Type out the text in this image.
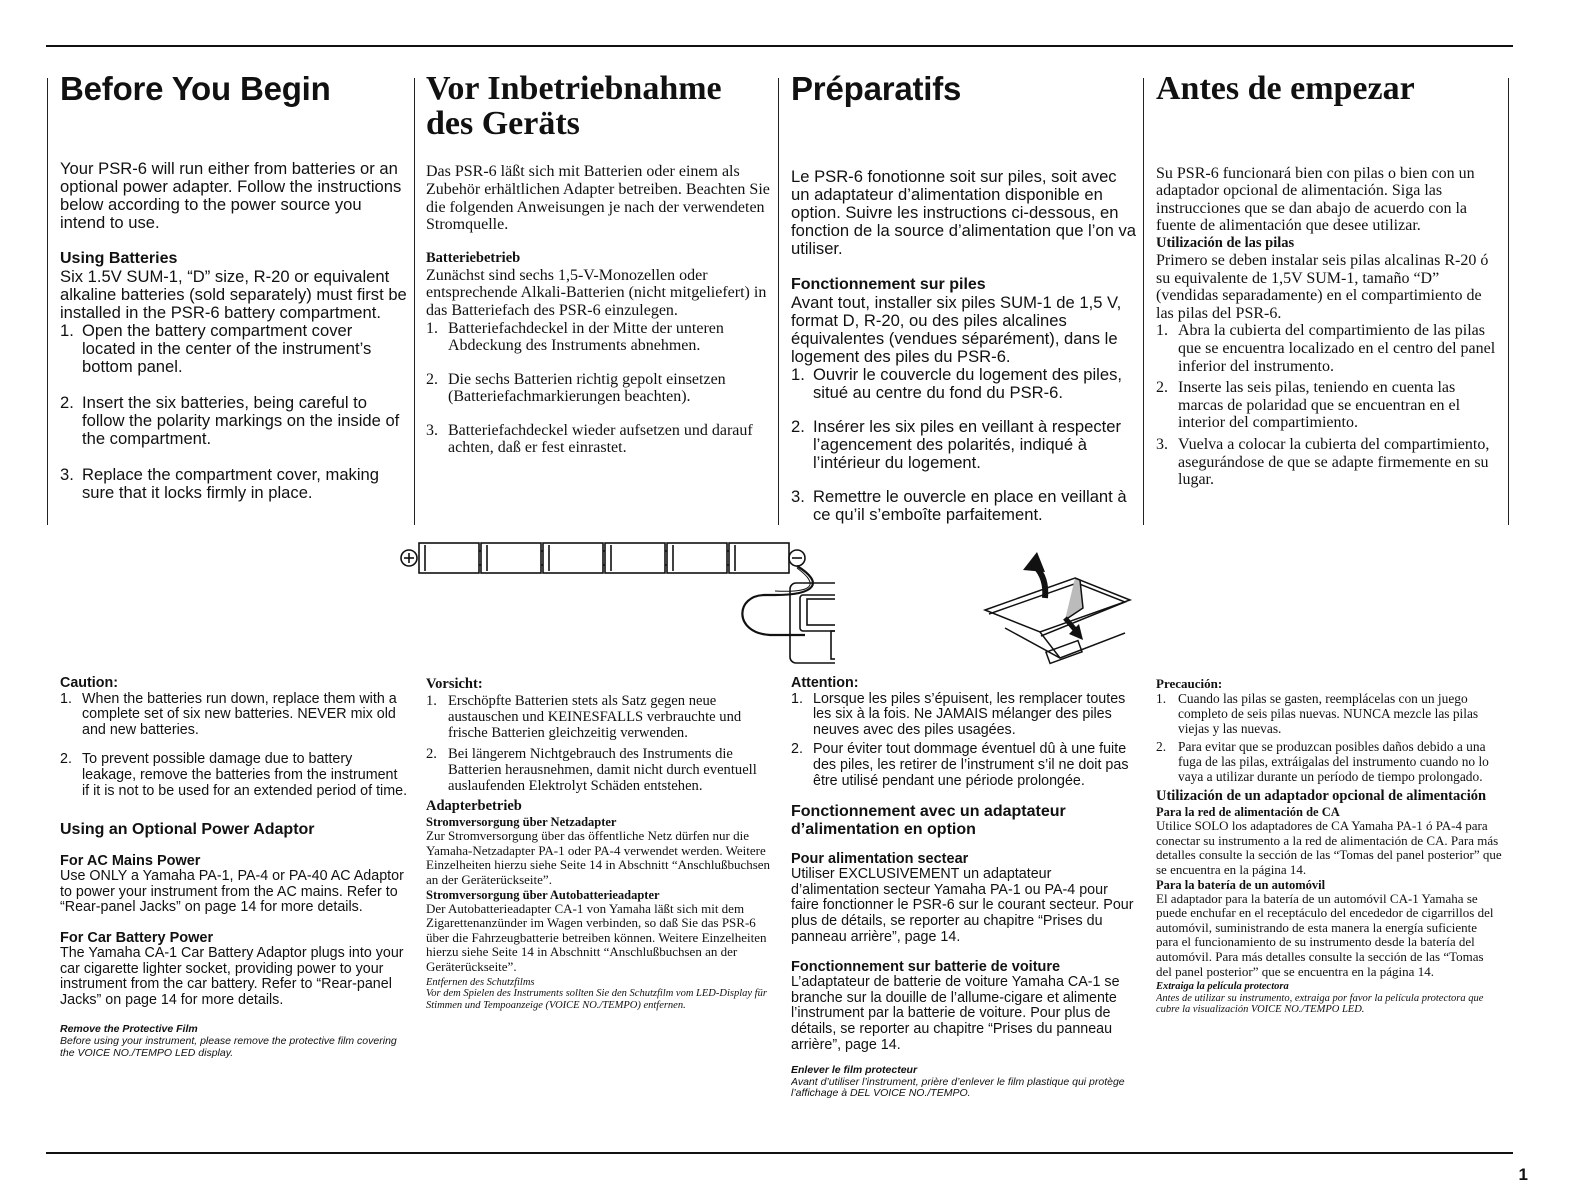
Before You Begin

Your PSR-6 will run either from batteries or an optional power adapter. Follow the instructions below according to the power source you intend to use.

Using Batteries

Six 1.5V SUM-1, “D” size, R-20 or equivalent alkaline batteries (sold separately) must first be installed in the PSR-6 battery compartment.

1. Open the battery compartment cover located in the center of the instrument’s bottom panel.
2. Insert the six batteries, being careful to follow the polarity markings on the inside of the compartment.
3. Replace the compartment cover, making sure that it locks firmly in place.
Vor Inbetriebnahme des Geräts

Das PSR-6 läßt sich mit Batterien oder einem als Zubehör erhältlichen Adapter betreiben. Beachten Sie die folgenden Anweisungen je nach der verwendeten Stromquelle.

Batteriebetrieb

Zunächst sind sechs 1,5-V-Monozellen oder entsprechende Alkali-Batterien (nicht mitgeliefert) in das Batteriefach des PSR-6 einzulegen.

1. Batteriefachdeckel in der Mitte der unteren Abdeckung des Instruments abnehmen.
2. Die sechs Batterien richtig gepolt einsetzen (Batteriefachmarkierungen beachten).
3. Batteriefachdeckel wieder aufsetzen und darauf achten, daß er fest einrastet.
Préparatifs

Le PSR-6 fonotionne soit sur piles, soit avec un adaptateur d’alimentation disponible en option. Suivre les instructions ci-dessous, en fonction de la source d’alimentation que l’on va utiliser.

Fonctionnement sur piles

Avant tout, installer six piles SUM-1 de 1,5 V, format D, R-20, ou des piles alcalines équivalentes (vendues séparément), dans le logement des piles du PSR-6.

1. Ouvrir le couvercle du logement des piles, situé au centre du fond du PSR-6.
2. Insérer les six piles en veillant à respecter l’agencement des polarités, indiqué à l’intérieur du logement.
3. Remettre le ouvercle en place en veillant à ce qu’il s’emboîte parfaitement.
Antes de empezar

Su PSR-6 funcionará bien con pilas o bien con un adaptador opcional de alimentación. Siga las instrucciones que se dan abajo de acuerdo con la fuente de alimentación que desee utilizar.

Utilización de las pilas

Primero se deben instalar seis pilas alcalinas R-20 ó su equivalente de 1,5V SUM-1, tamaño “D” (vendidas separadamente) en el compartimiento de las pilas del PSR-6.

1. Abra la cubierta del compartimiento de las pilas que se encuentra localizado en el centro del panel inferior del instrumento.
2. Inserte las seis pilas, teniendo en cuenta las marcas de polaridad que se encuentran en el interior del compartimiento.
3. Vuelva a colocar la cubierta del compartimiento, asegurándose de que se adapte firmemente en su lugar.

Caution:

1. When the batteries run down, replace them with a complete set of six new batteries. NEVER mix old and new batteries.
2. To prevent possible damage due to battery leakage, remove the batteries from the instrument if it is not to be used for an extended period of time.

Using an Optional Power Adaptor

For AC Mains Power

Use ONLY a Yamaha PA-1, PA-4 or PA-40 AC Adaptor to power your instrument from the AC mains. Refer to “Rear-panel Jacks” on page 14 for more details.

For Car Battery Power

The Yamaha CA-1 Car Battery Adaptor plugs into your car cigarette lighter socket, providing power to your instrument from the car battery. Refer to “Rear-panel Jacks” on page 14 for more details.

Remove the Protective Film

Before using your instrument, please remove the protective film covering the VOICE NO./TEMPO LED display.

Vorsicht:

1. Erschöpfte Batterien stets als Satz gegen neue austauschen und KEINESFALLS verbrauchte und frische Batterien gleichzeitig verwenden.
2. Bei längerem Nichtgebrauch des Instruments die Batterien herausnehmen, damit nicht durch eventuell auslaufenden Elektrolyt Schäden entstehen.

Adapterbetrieb

Stromversorgung über Netzadapter

Zur Stromversorgung über das öffentliche Netz dürfen nur die Yamaha-Netzadapter PA-1 oder PA-4 verwendet werden. Weitere Einzelheiten hierzu siehe Seite 14 in Abschnitt “Anschlußbuchsen an der Geräterückseite”.

Stromversorgung über Autobatterieadapter

Der Autobatterieadapter CA-1 von Yamaha läßt sich mit dem Zigarettenanzünder im Wagen verbinden, so daß Sie das PSR-6 über die Fahrzeugbatterie betreiben können. Weitere Einzelheiten hierzu siehe Seite 14 in Abschnitt “Anschlußbuchsen an der Geräterückseite”.

Entfernen des Schutzfilms

Vor dem Spielen des Instruments sollten Sie den Schutzfilm vom LED-Display für Stimmen und Tempoanzeige (VOICE NO./TEMPO) entfernen.

Attention:

1. Lorsque les piles s’épuisent, les remplacer toutes les six à la fois. Ne JAMAIS mélanger des piles neuves avec des piles usagées.
2. Pour éviter tout dommage éventuel dû à une fuite des piles, les retirer de l’instrument s’il ne doit pas être utilisé pendant une période prolongée.

Fonctionnement avec un adaptateur d’alimentation en option

Pour alimentation sectear

Utiliser EXCLUSIVEMENT un adaptateur d’alimentation secteur Yamaha PA-1 ou PA-4 pour faire fonctionner le PSR-6 sur le courant secteur. Pour plus de détails, se reporter au chapitre “Prises du panneau arrière”, page 14.

Fonctionnement sur batterie de voiture

L’adaptateur de batterie de voiture Yamaha CA-1 se branche sur la douille de l’allume-cigare et alimente l’instrument par la batterie de voiture. Pour plus de détails, se reporter au chapitre “Prises du panneau arrière”, page 14.

Enlever le film protecteur

Avant d’utiliser l’instrument, prière d’enlever le film plastique qui protège l’affichage à DEL VOICE NO./TEMPO.

Precaución:

1. Cuando las pilas se gasten, reemplácelas con un juego completo de seis pilas nuevas. NUNCA mezcle las pilas viejas y las nuevas.
2. Para evitar que se produzcan posibles daños debido a una fuga de las pilas, extráigalas del instrumento cuando no lo vaya a utilizar durante un período de tiempo prolongado.

Utilización de un adaptador opcional de alimentación

Para la red de alimentación de CA

Utilice SOLO los adaptadores de CA Yamaha PA-1 ó PA-4 para conectar su instrumento a la red de alimentación de CA. Para más detalles consulte la sección de las “Tomas del panel posterior” que se encuentra en la página 14.

Para la batería de un automóvil

El adaptador para la batería de un automóvil CA-1 Yamaha se puede enchufar en el receptáculo del encededor de cigarrillos del automóvil, suministrando de esta manera la energía suficiente para el funcionamiento de su instrumento desde la batería del automóvil. Para más detalles consulte la sección de las “Tomas del panel posterior” que se encuentra en la página 14.

Extraiga la película protectora

Antes de utilizar su instrumento, extraiga por favor la película protectora que cubre la visualización VOICE NO./TEMPO LED.

1
